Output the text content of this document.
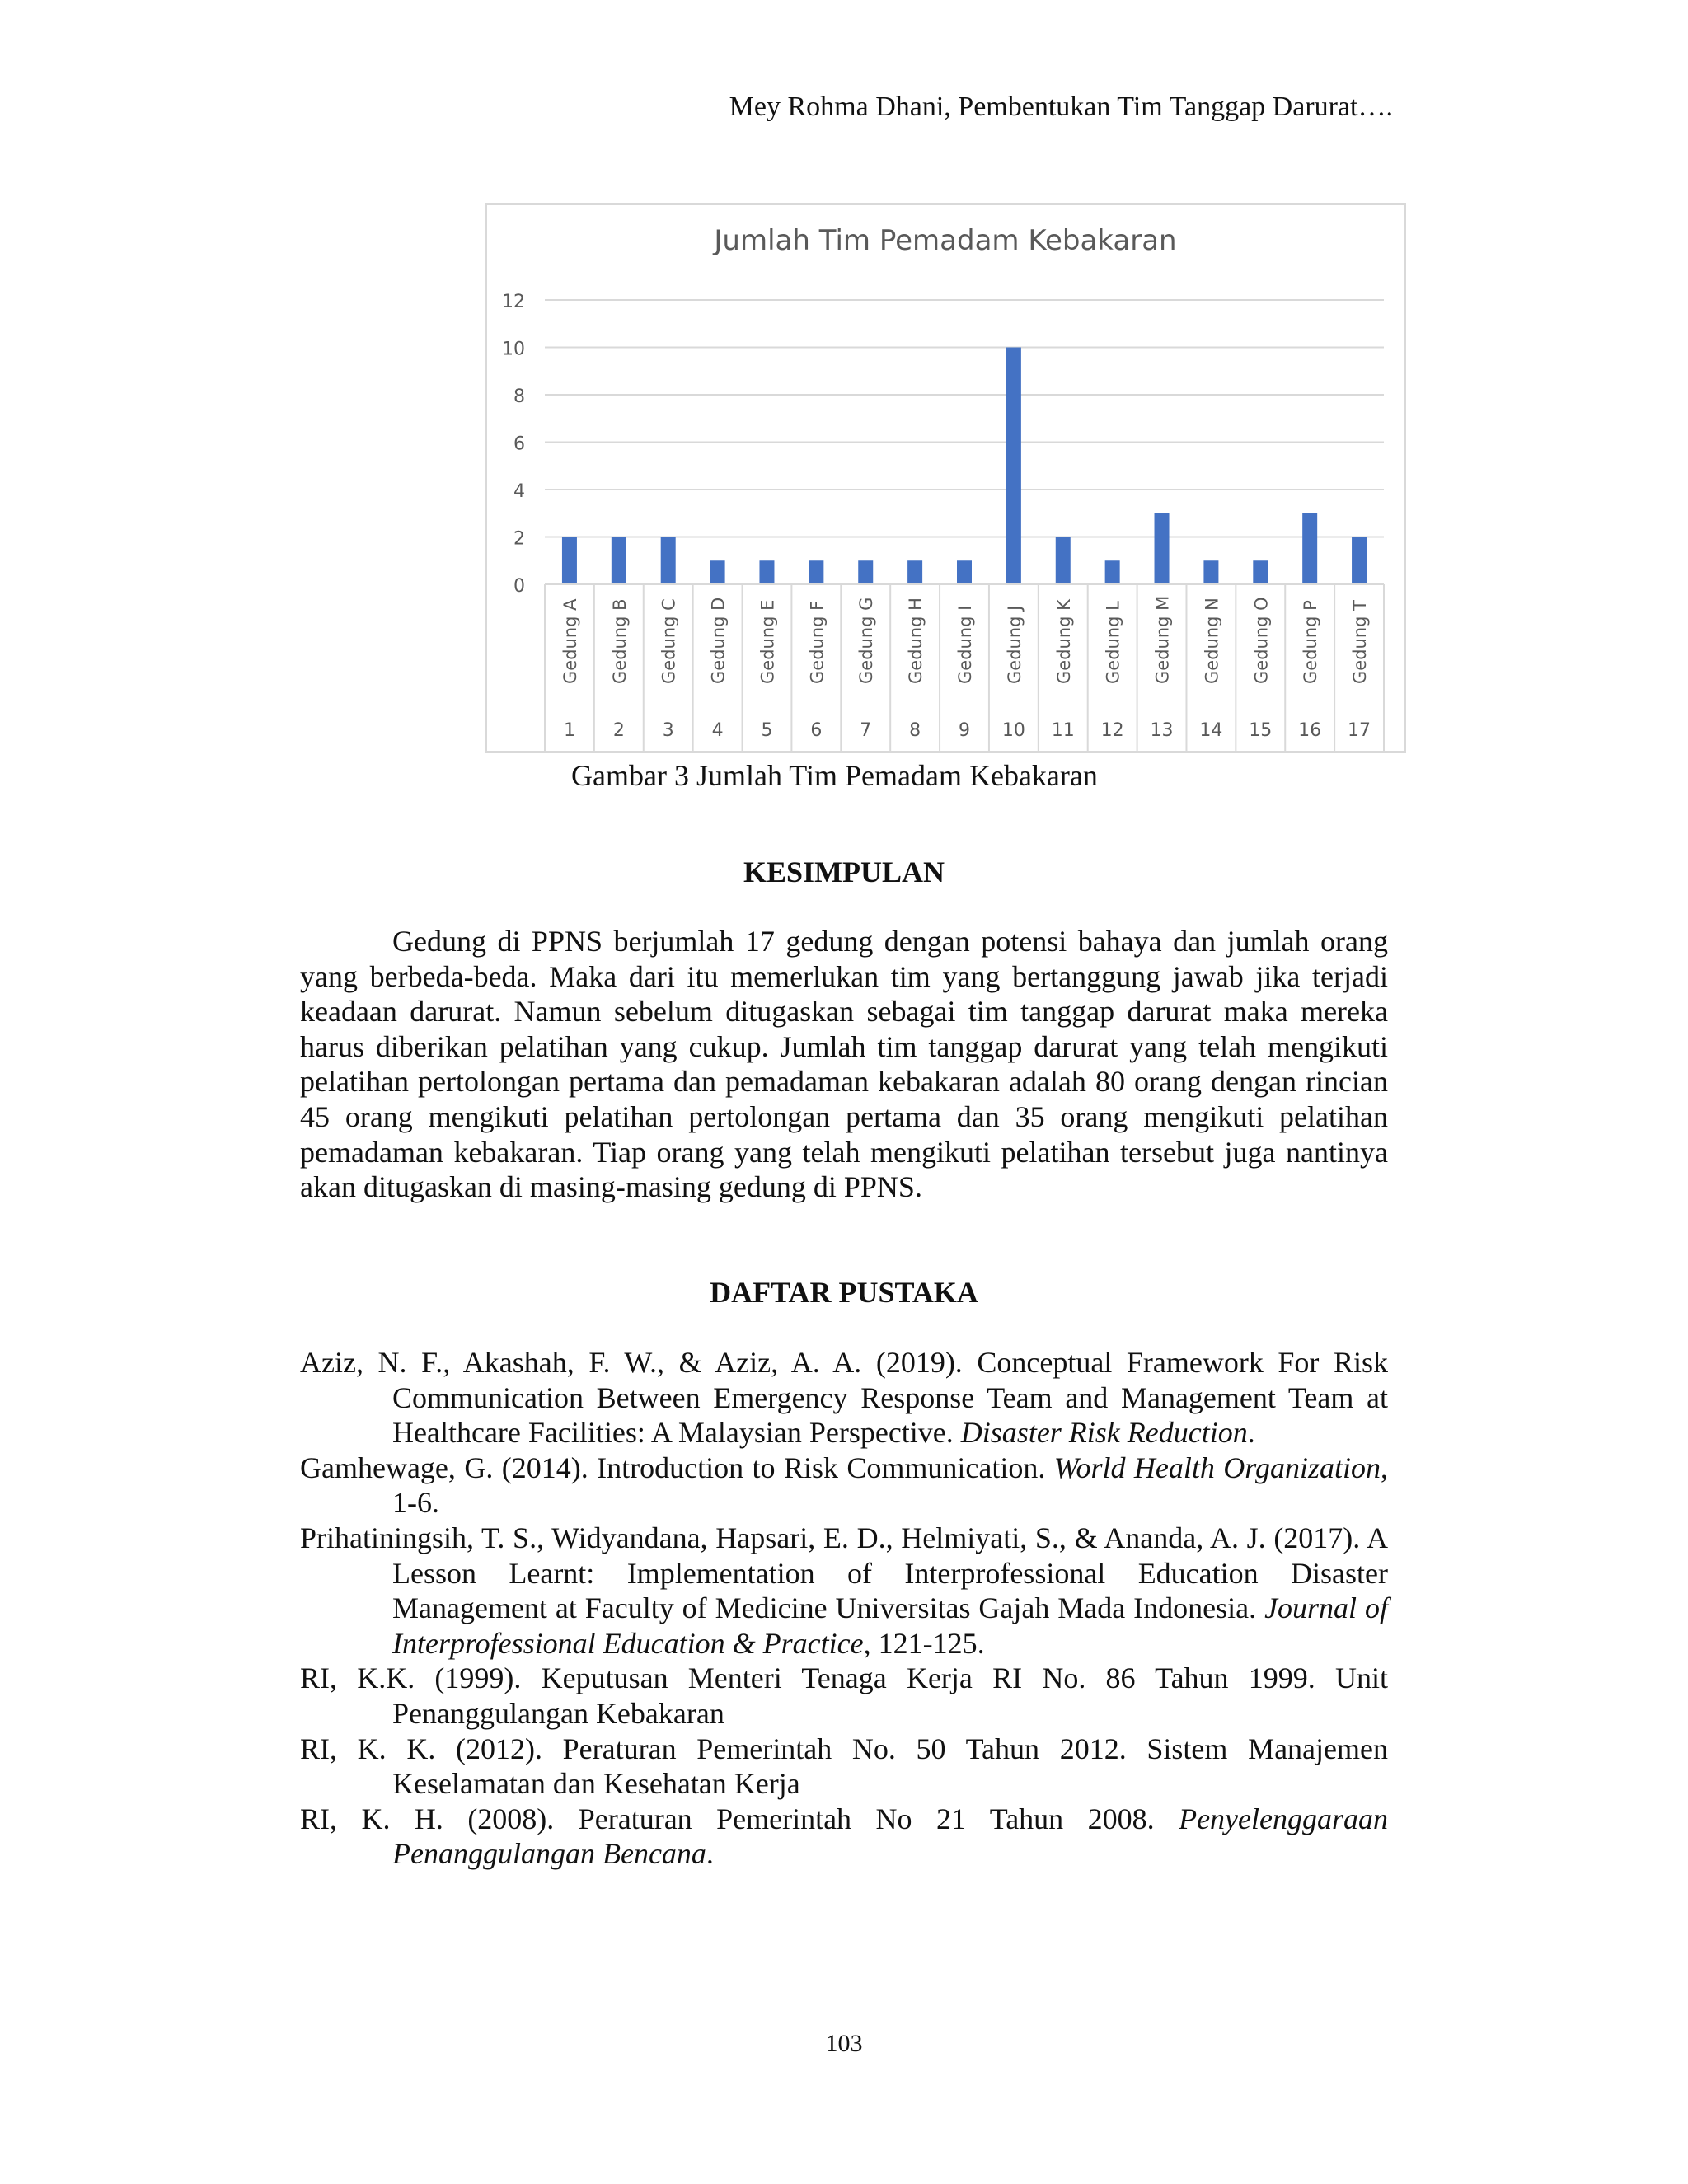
Mey Rohma Dhani, Pembentukan Tim Tanggap Darurat….
Jumlah Tim Pemadam Kebakaran
0
2
4
6
8
10
12
Gedung A
1
Gedung B
2
Gedung C
3
Gedung D
4
Gedung E
5
Gedung F
6
Gedung G
7
Gedung H
8
Gedung I
9
Gedung J
10
Gedung K
11
Gedung L
12
Gedung M
13
Gedung N
14
Gedung O
15
Gedung P
16
Gedung T
17
Gambar 3 Jumlah Tim Pemadam Kebakaran
KESIMPULAN

Gedung di PPNS berjumlah 17 gedung dengan potensi bahaya dan jumlah orang yang berbeda-beda. Maka dari itu memerlukan tim yang bertanggung jawab jika terjadi keadaan darurat. Namun sebelum ditugaskan sebagai tim tanggap darurat maka mereka harus diberikan pelatihan yang cukup. Jumlah tim tanggap darurat yang telah mengikuti pelatihan pertolongan pertama dan pemadaman kebakaran adalah 80 orang dengan rincian 45 orang mengikuti pelatihan pertolongan pertama dan 35 orang mengikuti pelatihan pemadaman kebakaran. Tiap orang yang telah mengikuti pelatihan tersebut juga nantinya akan ditugaskan di masing-masing gedung di PPNS.

DAFTAR PUSTAKA

Aziz, N. F., Akashah, F. W., & Aziz, A. A. (2019). Conceptual Framework For Risk Communication Between Emergency Response Team and Management Team at Healthcare Facilities: A Malaysian Perspective. Disaster Risk Reduction.

Gamhewage, G. (2014). Introduction to Risk Communication. World Health Organization, 1-6.

Prihatiningsih, T. S., Widyandana, Hapsari, E. D., Helmiyati, S., & Ananda, A. J. (2017). A Lesson Learnt: Implementation of Interprofessional Education Disaster Management at Faculty of Medicine Universitas Gajah Mada Indonesia. Journal of Interprofessional Education & Practice, 121-125.

RI, K.K. (1999). Keputusan Menteri Tenaga Kerja RI No. 86 Tahun 1999. Unit Penanggulangan Kebakaran

RI, K. K. (2012). Peraturan Pemerintah No. 50 Tahun 2012. Sistem Manajemen Keselamatan dan Kesehatan Kerja

RI, K. H. (2008). Peraturan Pemerintah No 21 Tahun 2008. Penyelenggaraan Penanggulangan Bencana.

103
